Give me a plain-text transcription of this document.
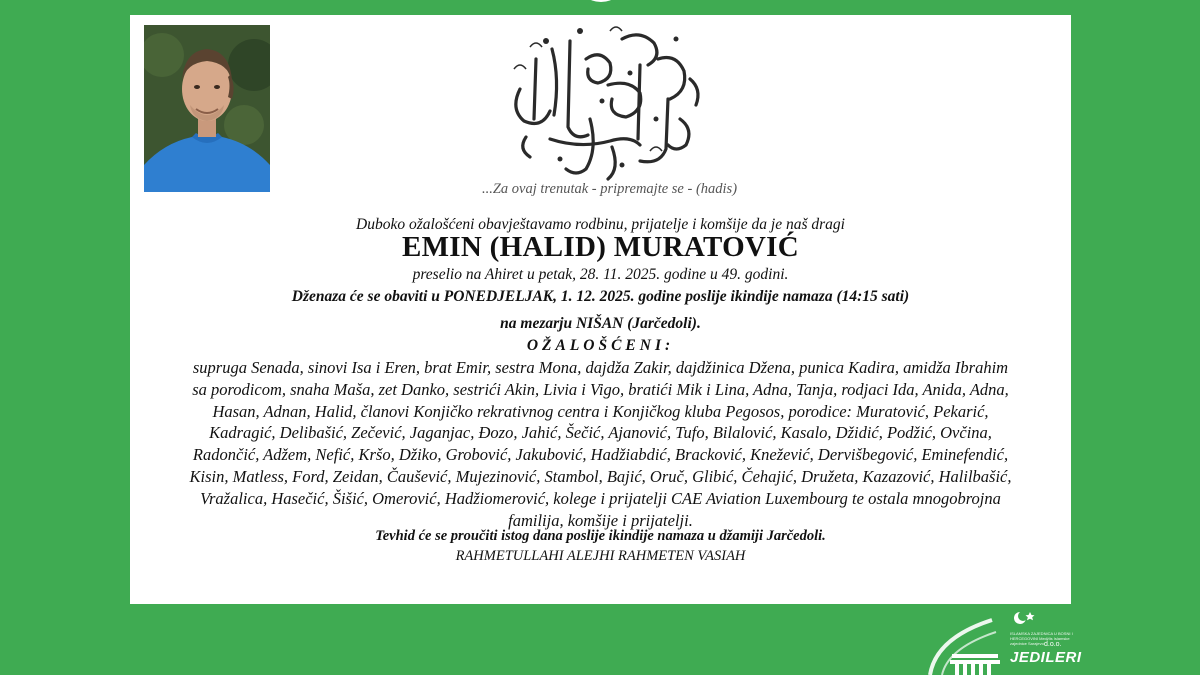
...Za ovaj trenutak - pripremajte se - (hadis)
Duboko ožalošćeni obavještavamo rodbinu, prijatelje i komšije da je naš dragi
EMIN (HALID) MURATOVIĆ
preselio na Ahiret u petak, 28. 11. 2025. godine u 49. godini.
Dženaza će se obaviti u PONEDJELJAK, 1. 12. 2025. godine poslije ikindije namaza (14:15 sati)
na mezarju NIŠAN (Jarčedoli).
OŽALOŠĆENI:
supruga Senada, sinovi Isa i Eren, brat Emir, sestra Mona, dajdža Zakir, dajdžinica Džena, punica Kadira, amidža Ibrahim
sa porodicom, snaha Maša, zet Danko, sestrići Akin, Livia i Vigo, bratići Mik i Lina, Adna, Tanja, rodjaci Ida, Anida, Adna,
Hasan, Adnan, Halid, članovi Konjičko rekrativnog centra i Konjičkog kluba Pegosos, porodice: Muratović, Pekarić,
Kadragić, Delibašić, Zečević, Jaganjac, Đozo, Jahić, Šečić, Ajanović, Tufo, Bilalović, Kasalo, Džidić, Podžić, Ovčina,
Radončić, Adžem, Nefić, Kršo, Džiko, Grobović, Jakubović, Hadžiabdić, Bracković, Knežević, Dervišbegović, Eminefendić,
Kisin, Matless, Ford, Zeidan, Čaušević, Mujezinović, Stambol, Bajić, Oruč, Glibić, Čehajić, Družeta, Kazazović, Halilbašić,
Vražalica, Hasečić, Šišić, Omerović, Hadžiomerović, kolege i prijatelji CAE Aviation Luxembourg te ostala mnogobrojna
familija, komšije i prijatelji.
Tevhid će se proučiti istog dana poslije ikindije namaza u džamiji Jarčedoli.
RAHMETULLAHI ALEJHI RAHMETEN VASIAH
ISLAMSKA ZAJEDNICA U BOSNI I HERCEGOVINI Medžlis Islamske zajednice Sarajevo d.o.o.
JEDILERI
